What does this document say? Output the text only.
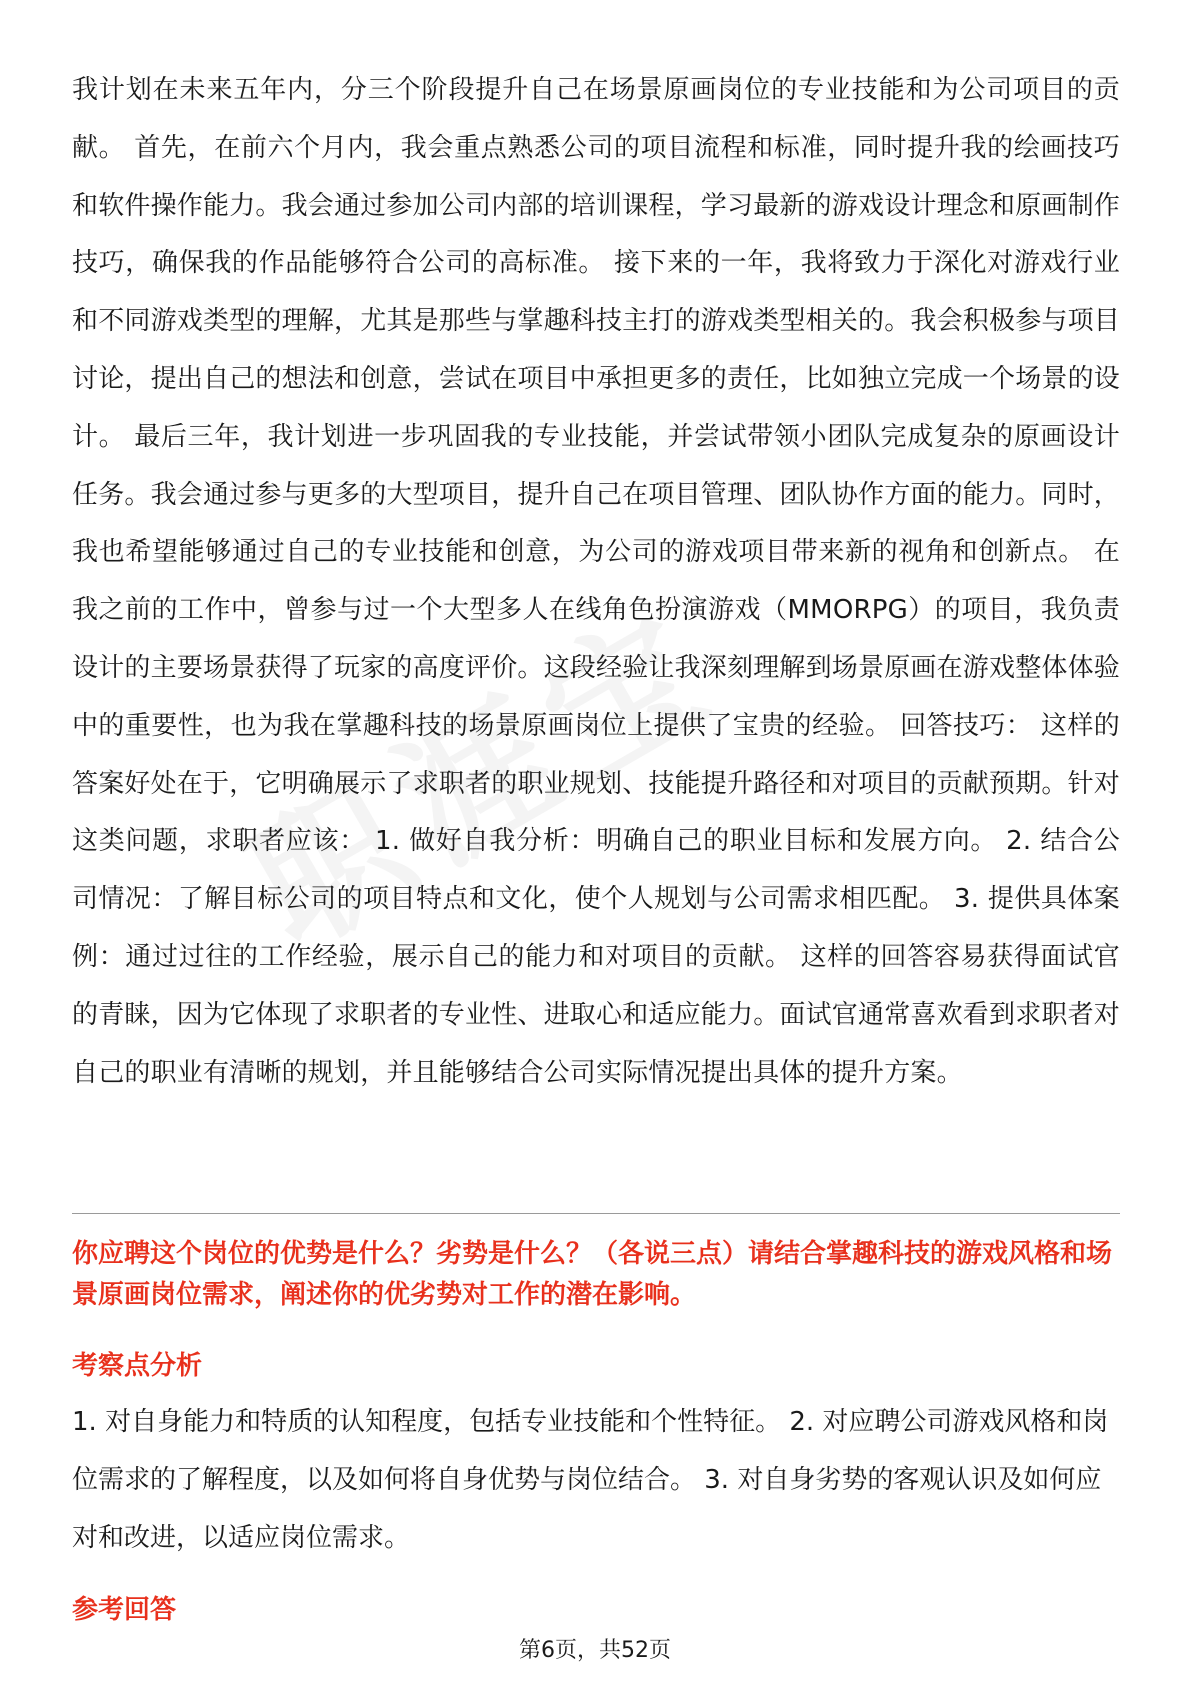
我计划在未来五年内，分三个阶段提升自己在场景原画岗位的专业技能和为公司项目的贡献。 首先，在前六个月内，我会重点熟悉公司的项目流程和标准，同时提升我的绘画技巧和软件操作能力。我会通过参加公司内部的培训课程，学习最新的游戏设计理念和原画制作技巧，确保我的作品能够符合公司的高标准。 接下来的一年，我将致力于深化对游戏行业和不同游戏类型的理解，尤其是那些与掌趣科技主打的游戏类型相关的。我会积极参与项目讨论，提出自己的想法和创意，尝试在项目中承担更多的责任，比如独立完成一个场景的设计。 最后三年，我计划进一步巩固我的专业技能，并尝试带领小团队完成复杂的原画设计任务。我会通过参与更多的大型项目，提升自己在项目管理、团队协作方面的能力。同时，我也希望能够通过自己的专业技能和创意，为公司的游戏项目带来新的视角和创新点。 在我之前的工作中，曾参与过一个大型多人在线角色扮演游戏（MMORPG）的项目，我负责设计的主要场景获得了玩家的高度评价。这段经验让我深刻理解到场景原画在游戏整体体验中的重要性，也为我在掌趣科技的场景原画岗位上提供了宝贵的经验。 回答技巧： 这样的答案好处在于，它明确展示了求职者的职业规划、技能提升路径和对项目的贡献预期。针对这类问题，求职者应该： 1. 做好自我分析：明确自己的职业目标和发展方向。 2. 结合公司情况：了解目标公司的项目特点和文化，使个人规划与公司需求相匹配。 3. 提供具体案例：通过过往的工作经验，展示自己的能力和对项目的贡献。 这样的回答容易获得面试官的青睐，因为它体现了求职者的专业性、进取心和适应能力。面试官通常喜欢看到求职者对自己的职业有清晰的规划，并且能够结合公司实际情况提出具体的提升方案。

你应聘这个岗位的优势是什么？劣势是什么？（各说三点）请结合掌趣科技的游戏风格和场景原画岗位需求，阐述你的优劣势对工作的潜在影响。

考察点分析

1. 对自身能力和特质的认知程度，包括专业技能和个性特征。 2. 对应聘公司游戏风格和岗位需求的了解程度，以及如何将自身优势与岗位结合。 3. 对自身劣势的客观认识及如何应对和改进，以适应岗位需求。

参考回答

第6页，共52页
